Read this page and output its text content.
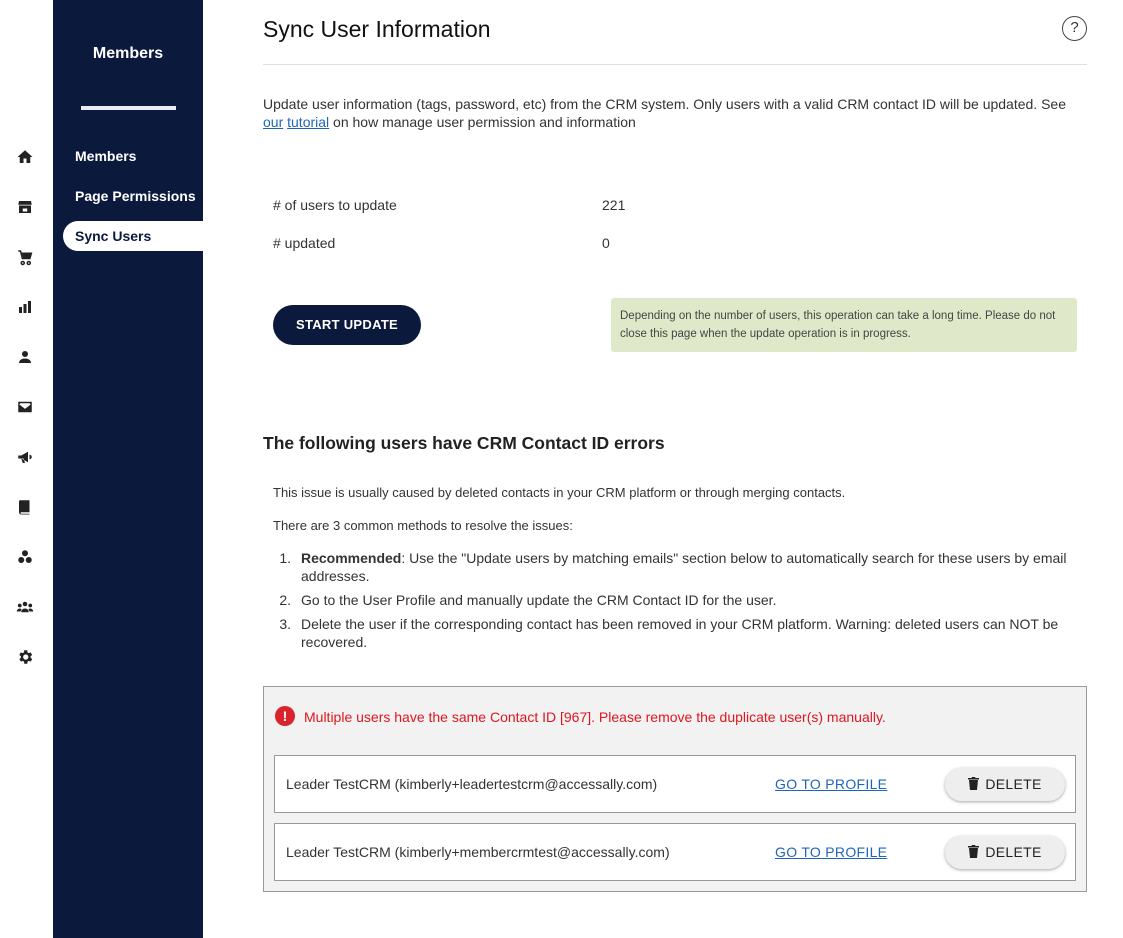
Members
Members
Page Permissions
Sync Users
Sync User Information	?

Update user information (tags, password, etc) from the CRM system. Only users with a valid CRM contact ID will be updated. See our tutorial on how manage user permission and information

# of users to update	221
# updated	0
START UPDATE
Depending on the number of users, this operation can take a long time. Please do not close this page when the update operation is in progress.
The following users have CRM Contact ID errors

This issue is usually caused by deleted contacts in your CRM platform or through merging contacts.

There are 3 common methods to resolve the issues:

1. Recommended: Use the "Update users by matching emails" section below to automatically search for these users by email addresses.
2. Go to the User Profile and manually update the CRM Contact ID for the user.
3. Delete the user if the corresponding contact has been removed in your CRM platform. Warning: deleted users can NOT be recovered.
!	Multiple users have the same Contact ID [967]. Please remove the duplicate user(s) manually.
Leader TestCRM (kimberly+leadertestcrm@accessally.com)	GO TO PROFILE	DELETE
Leader TestCRM (kimberly+membercrmtest@accessally.com)	GO TO PROFILE	DELETE
